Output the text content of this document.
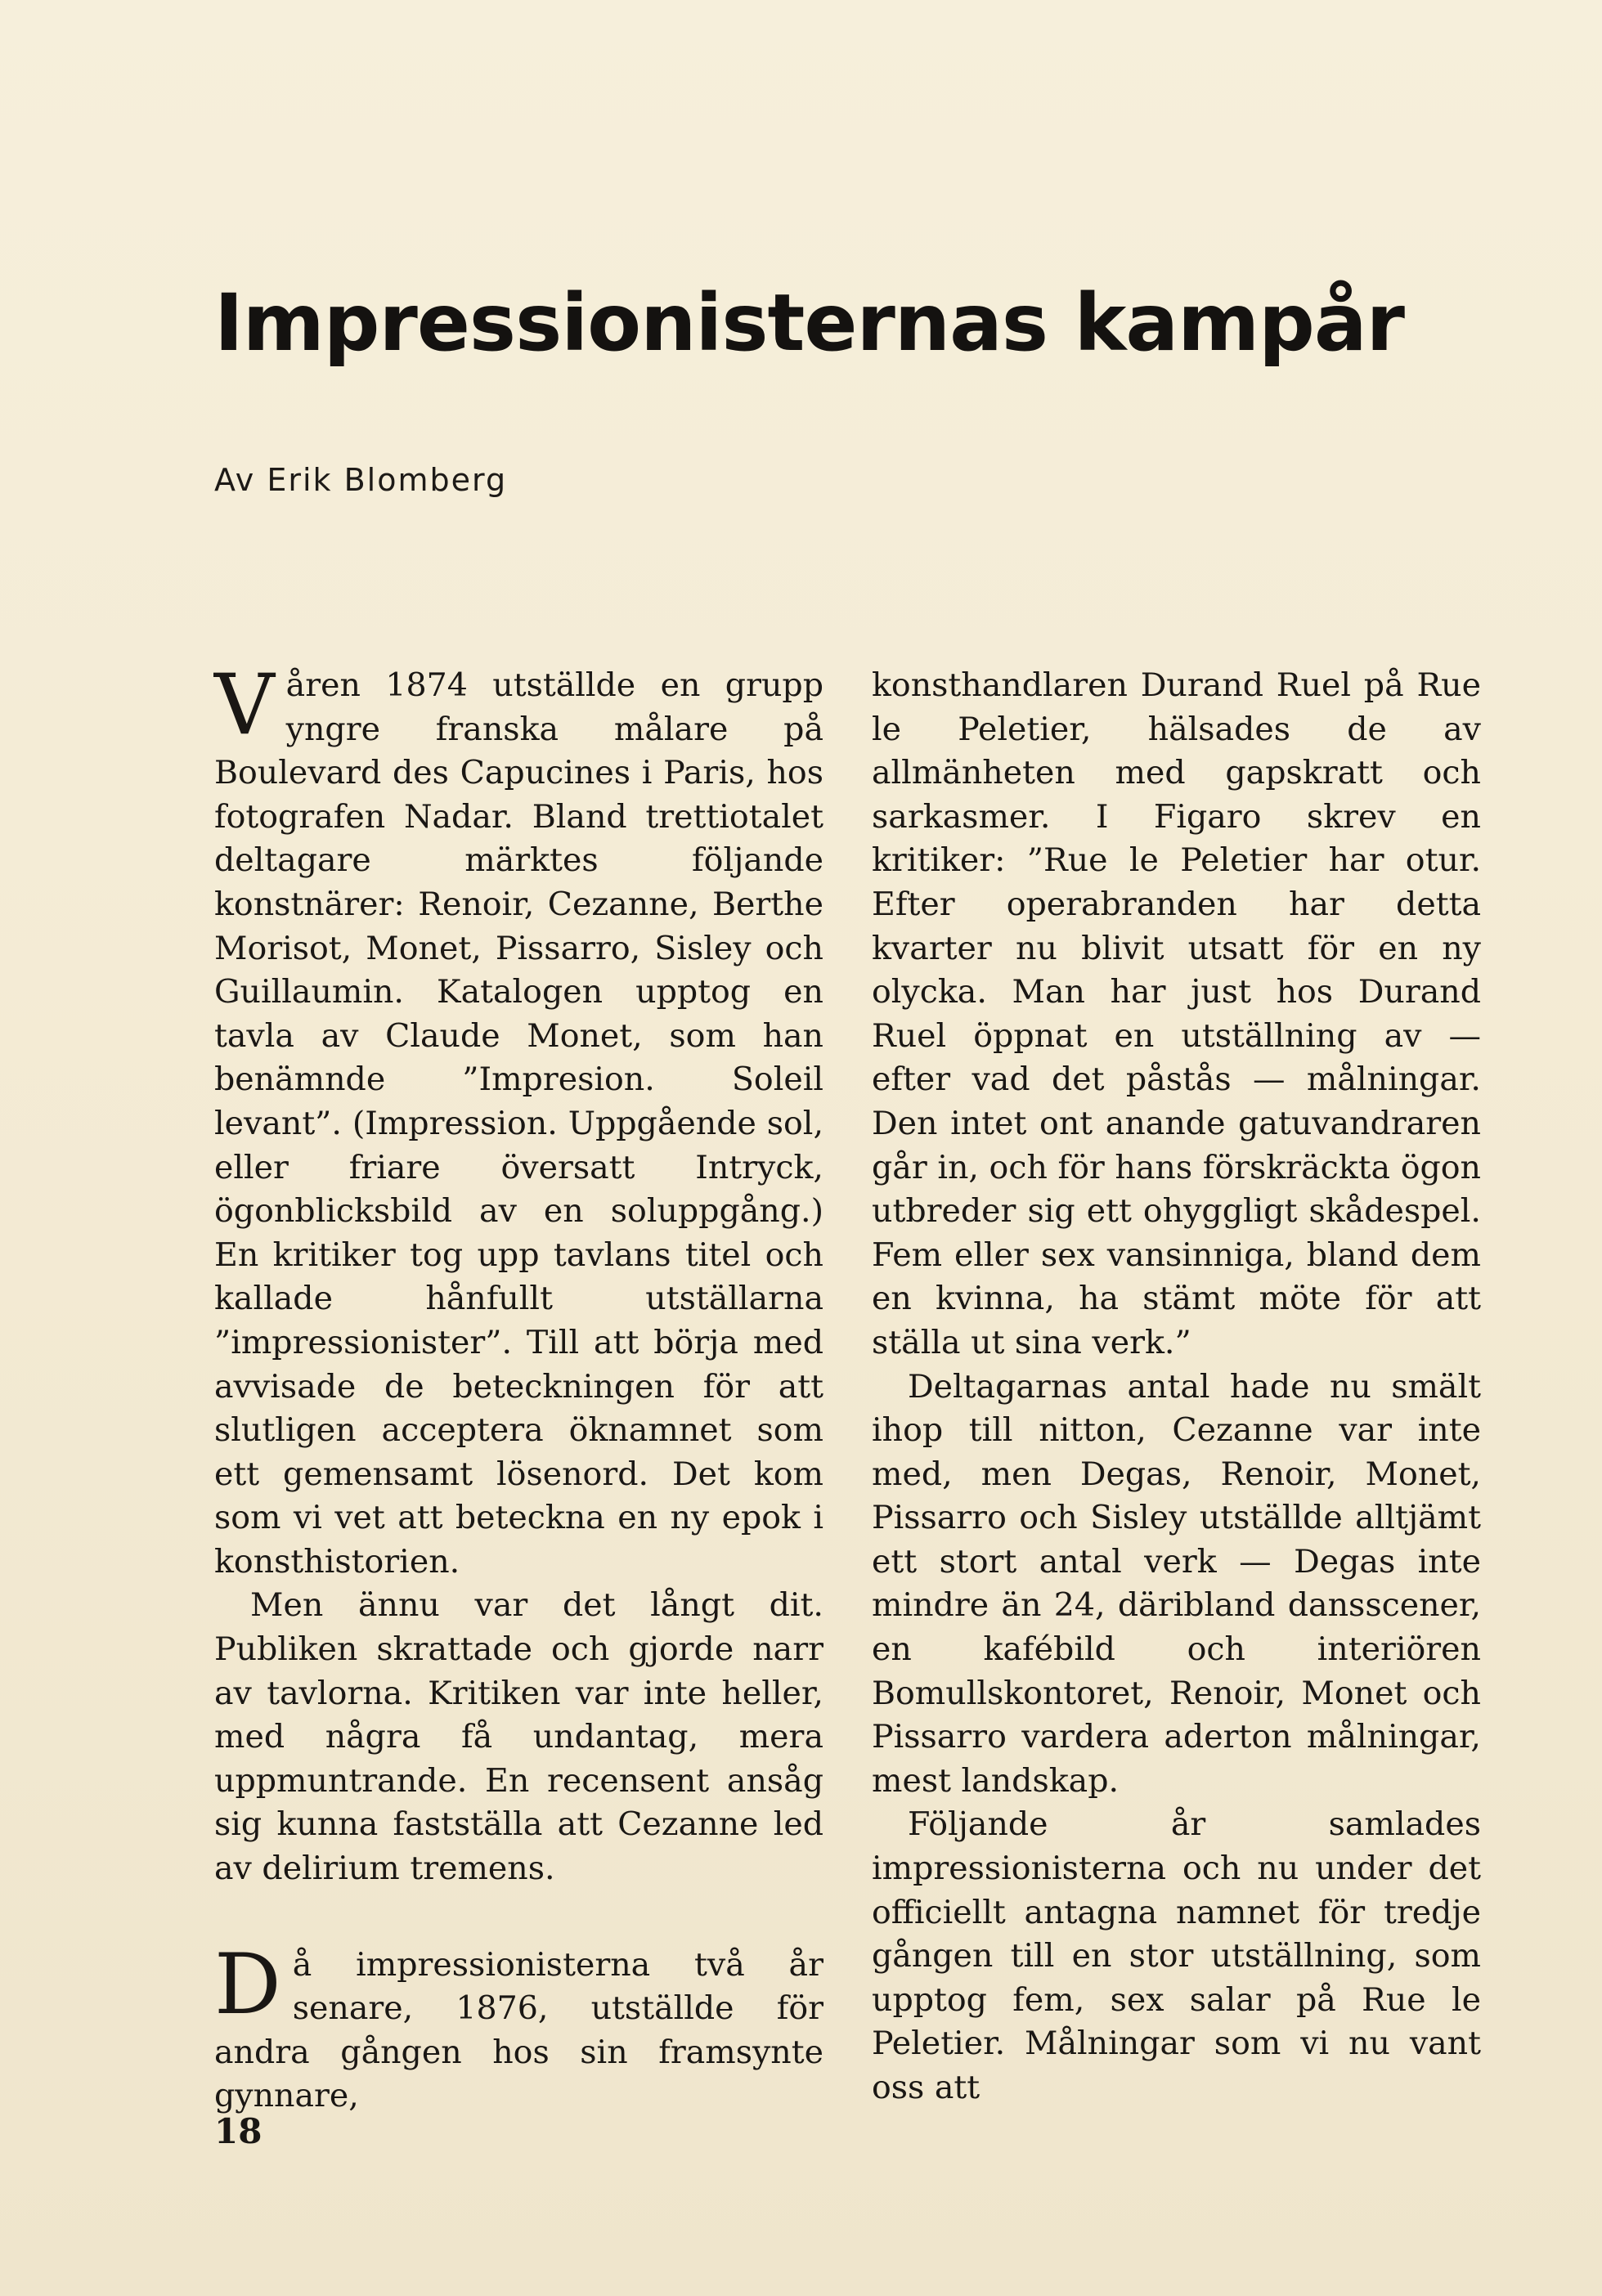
Impressionisternas kampår

Av Erik Blomberg

Våren 1874 utställde en grupp yngre franska målare på Boulevard des Capucines i Paris, hos fotografen Nadar. Bland trettiotalet deltagare märktes följande konstnärer: Renoir, Cezanne, Berthe Morisot, Monet, Pissarro, Sisley och Guillaumin. Katalogen upptog en tavla av Claude Monet, som han benämnde ”Impresion. Soleil levant”. (Impression. Uppgående sol, eller friare översatt Intryck, ögonblicksbild av en soluppgång.) En kritiker tog upp tavlans titel och kallade hånfullt utställarna ”impressionister”. Till att börja med avvisade de beteckningen för att slutligen acceptera öknamnet som ett gemensamt lösenord. Det kom som vi vet att beteckna en ny epok i konsthistorien.

Men ännu var det långt dit. Publiken skrattade och gjorde narr av tavlorna. Kritiken var inte heller, med några få undantag, mera uppmuntrande. En recensent ansåg sig kunna fastställa att Cezanne led av delirium tremens.

Då impressionisterna två år senare, 1876, utställde för andra gången hos sin framsynte gynnare,

konsthandlaren Durand Ruel på Rue le Peletier, hälsades de av allmänheten med gapskratt och sarkasmer. I Figaro skrev en kritiker: ”Rue le Peletier har otur. Efter operabranden har detta kvarter nu blivit utsatt för en ny olycka. Man har just hos Durand Ruel öppnat en utställning av — efter vad det påstås — målningar. Den intet ont anande gatuvandraren går in, och för hans förskräckta ögon utbreder sig ett ohyggligt skådespel. Fem eller sex vansinniga, bland dem en kvinna, ha stämt möte för att ställa ut sina verk.”

Deltagarnas antal hade nu smält ihop till nitton, Cezanne var inte med, men Degas, Renoir, Monet, Pissarro och Sisley utställde alltjämt ett stort antal verk — Degas inte mindre än 24, däribland dansscener, en kafébild och interiören Bomullskontoret, Renoir, Monet och Pissarro vardera aderton målningar, mest landskap.

Följande år samlades impressionisterna och nu under det officiellt antagna namnet för tredje gången till en stor utställning, som upptog fem, sex salar på Rue le Peletier. Målningar som vi nu vant oss att

18
